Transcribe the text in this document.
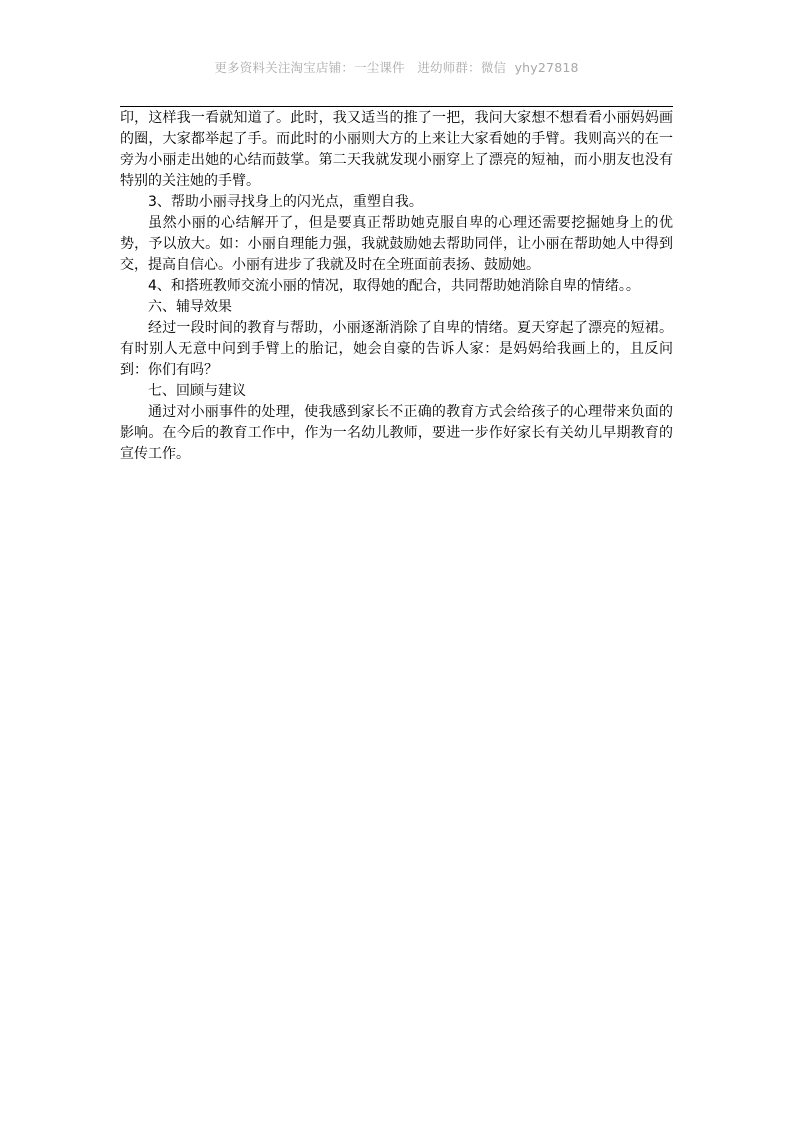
更多资料关注淘宝店铺：一尘课件   进幼师群：微信  yhy27818

印，这样我一看就知道了。此时，我又适当的推了一把，我问大家想不想看看小丽妈妈画的圈，大家都举起了手。而此时的小丽则大方的上来让大家看她的手臂。我则高兴的在一旁为小丽走出她的心结而鼓掌。第二天我就发现小丽穿上了漂亮的短袖，而小朋友也没有特别的关注她的手臂。

3、帮助小丽寻找身上的闪光点，重塑自我。

虽然小丽的心结解开了，但是要真正帮助她克服自卑的心理还需要挖掘她身上的优势，予以放大。如：小丽自理能力强，我就鼓励她去帮助同伴，让小丽在帮助她人中得到交，提高自信心。小丽有进步了我就及时在全班面前表扬、鼓励她。

4、和搭班教师交流小丽的情况，取得她的配合，共同帮助她消除自卑的情绪。。

六、辅导效果

经过一段时间的教育与帮助，小丽逐渐消除了自卑的情绪。夏天穿起了漂亮的短裙。有时别人无意中问到手臂上的胎记，她会自豪的告诉人家：是妈妈给我画上的，且反问到：你们有吗？

七、回顾与建议

通过对小丽事件的处理，使我感到家长不正确的教育方式会给孩子的心理带来负面的影响。在今后的教育工作中，作为一名幼儿教师，要进一步作好家长有关幼儿早期教育的宣传工作。
